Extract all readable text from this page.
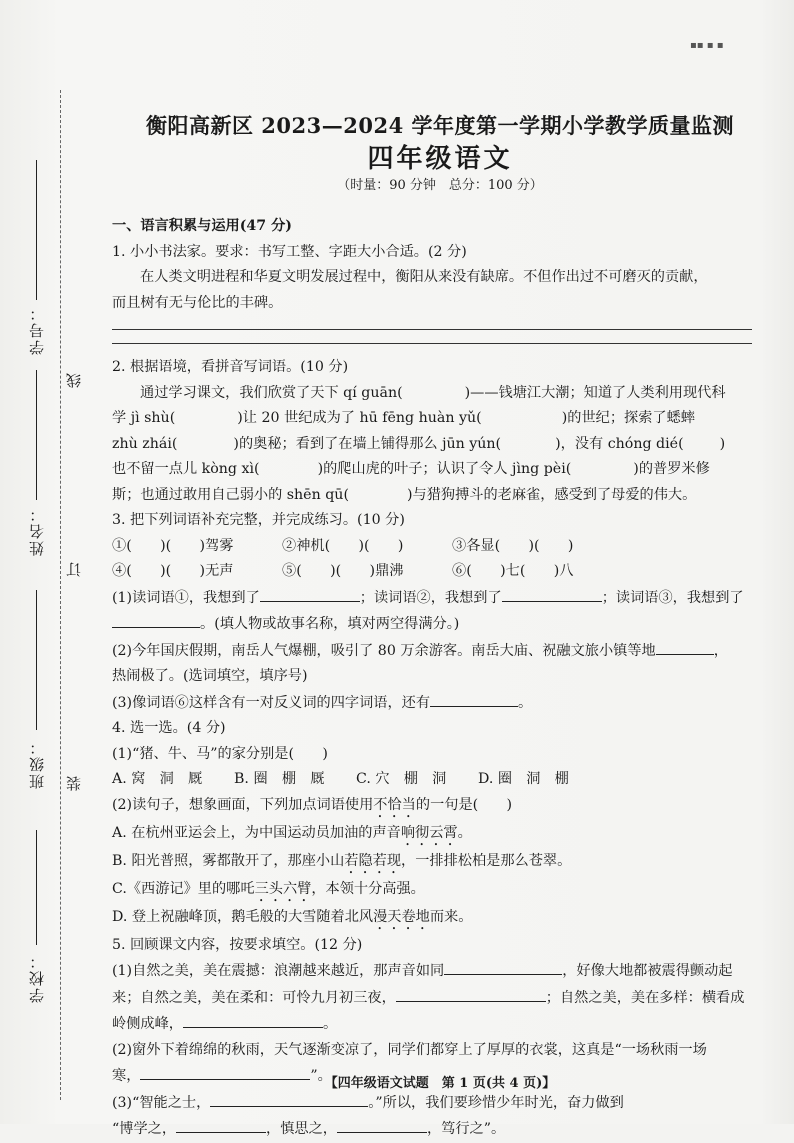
▪▪ ▪ ▪
学号：
姓名：
班级：
学校：
线
订
装
衡阳高新区 2023—2024 学年度第一学期小学教学质量监测
四年级语文
（时量：90 分钟　总分：100 分）
一、语言积累与运用(47 分)
1. 小小书法家。要求：书写工整、字距大小合适。(2 分)
在人类文明进程和华夏文明发展过程中，衡阳从来没有缺席。不但作出过不可磨灭的贡献，
而且树有无与伦比的丰碑。
2. 根据语境，看拼音写词语。(10 分)
通过学习课文，我们欣赏了天下 qí guān(	)——钱塘江大潮；知道了人类利用现代科
学 jì shù(	)让 20 世纪成为了 hū fēng huàn yǔ(	)的世纪；探索了蟋蟀
zhù zhái(	)的奥秘；看到了在墙上铺得那么 jūn yún(	)，没有 chóng dié(	)
也不留一点儿 kòng xì(	)的爬山虎的叶子；认识了令人 jìng pèi(	)的普罗米修
斯；也通过敢用自己弱小的 shēn qū(	)与猎狗搏斗的老麻雀，感受到了母爱的伟大。
3. 把下列词语补充完整，并完成练习。(10 分)
①(　　)(　　)驾雾	②神机(　　)(　　)	③各显(　　)(　　)
④(　　)(　　)无声	⑤(　　)(　　)鼎沸	⑥(　　)七(　　)八
(1)读词语①，我想到了	；读词语②，我想到了	；读词语③，我想到了
。(填人物或故事名称，填对两空得满分。)
(2)今年国庆假期，南岳人气爆棚，吸引了 80 万余游客。南岳大庙、祝融文旅小镇等地	，
热闹极了。(选词填空，填序号)
(3)像词语⑥这样含有一对反义词的四字词语，还有	。
4. 选一选。(4 分)
(1)“猪、牛、马”的家分别是(　　)
A. 窝　洞　厩 B. 圈　棚　厩 C. 穴　棚　洞 D. 圈　洞　棚
(2)读句子，想象画面，下列加点词语使用不恰当的一句是(　　)
A. 在杭州亚运会上，为中国运动员加油的声音响彻云霄。
B. 阳光普照，雾都散开了，那座小山若隐若现，一排排松柏是那么苍翠。
C.《西游记》里的哪吒三头六臂，本领十分高强。
D. 登上祝融峰顶，鹅毛般的大雪随着北风漫天卷地而来。
5. 回顾课文内容，按要求填空。(12 分)
(1)自然之美，美在震撼：浪潮越来越近，那声音如同	，好像大地都被震得颤动起
来；自然之美，美在柔和：可怜九月初三夜，	；自然之美，美在多样：横看成
岭侧成峰，	。
(2)窗外下着绵绵的秋雨，天气逐渐变凉了，同学们都穿上了厚厚的衣裳，这真是“一场秋雨一场
寒，	”。
(3)“智能之士，	。”所以，我们要珍惜少年时光，奋力做到
“博学之，	，慎思之，	，笃行之”。
【四年级语文试题　第 1 页(共 4 页)】
